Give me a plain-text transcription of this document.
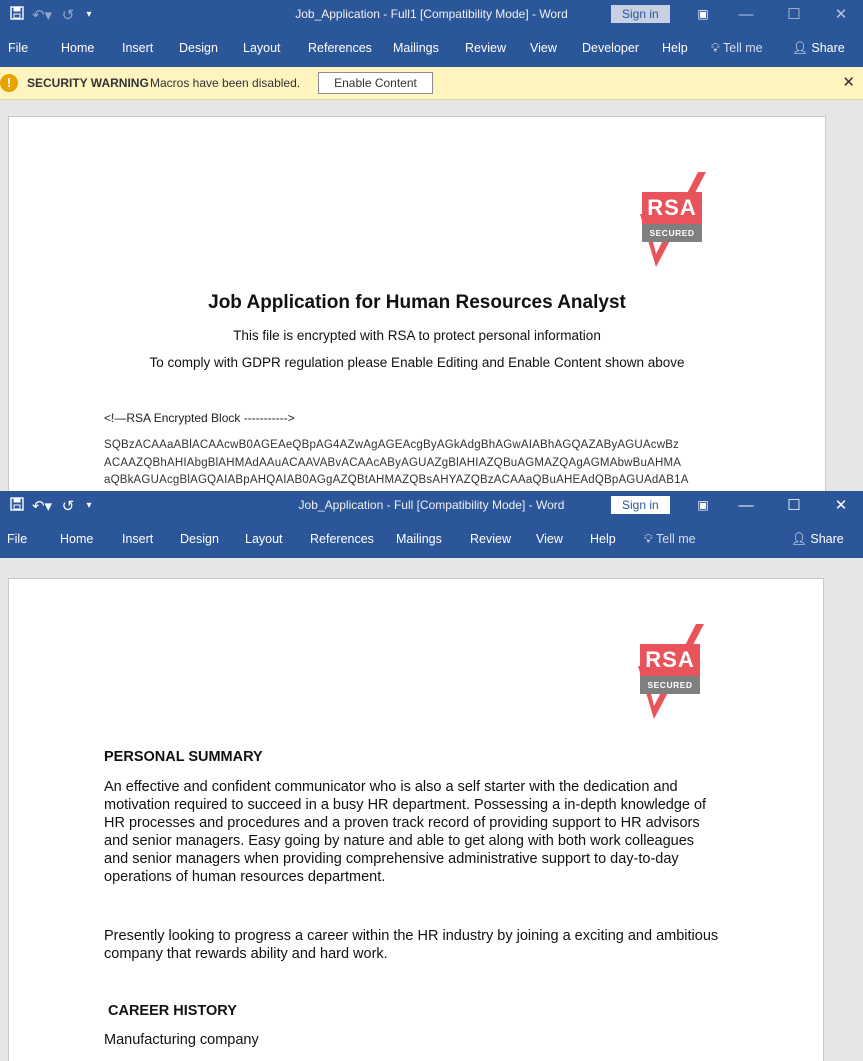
↶▾ ↺	▾	Job_Application - Full1 [Compatibility Mode] - Word	Sign in	▣	—	☐	✕
File	Home Insert Design Layout References Mailings Review View Developer Help 💡︎ Tell me 👤︎ Share
!	SECURITY WARNING Macros have been disabled.	Enable Content	✕
RSA
SECURED
Job Application for Human Resources Analyst
This file is encrypted with RSA to protect personal information
To comply with GDPR regulation please Enable Editing and Enable Content shown above
<!—RSA Encrypted Block ----------->
SQBzACAAaABlACAAcwB0AGEAeQBpAG4AZwAgAGEAcgByAGkAdgBhAGwAIABhAGQAZAByAGUAcwBz
ACAAZQBhAHIAbgBlAHMAdAAuACAAVABvACAAcAByAGUAZgBlAHIAZQBuAGMAZQAgAGMAbwBuAHMA
aQBkAGUAcgBlAGQAIABpAHQAIAB0AGgAZQBtAHMAZQBsAHYAZQBzACAAaQBuAHEAdQBpAGUAdAB1A
↶▾ ↺	▾	Job_Application - Full [Compatibility Mode] - Word	Sign in	▣	—	☐	✕
File	Home Insert Design Layout References Mailings Review View Help 💡︎ Tell me	👤︎ Share
RSA
SECURED
PERSONAL SUMMARY
An effective and confident communicator who is also a self starter with the dedication and
motivation required to succeed in a busy HR department. Possessing a in-depth knowledge of
HR processes and procedures and a proven track record of providing support to HR advisors
and senior managers. Easy going by nature and able to get along with both work colleagues
and senior managers when providing comprehensive administrative support to day-to-day
operations of human resources department.
Presently looking to progress a career within the HR industry by joining a exciting and ambitious
company that rewards ability and hard work.
CAREER HISTORY
Manufacturing company
